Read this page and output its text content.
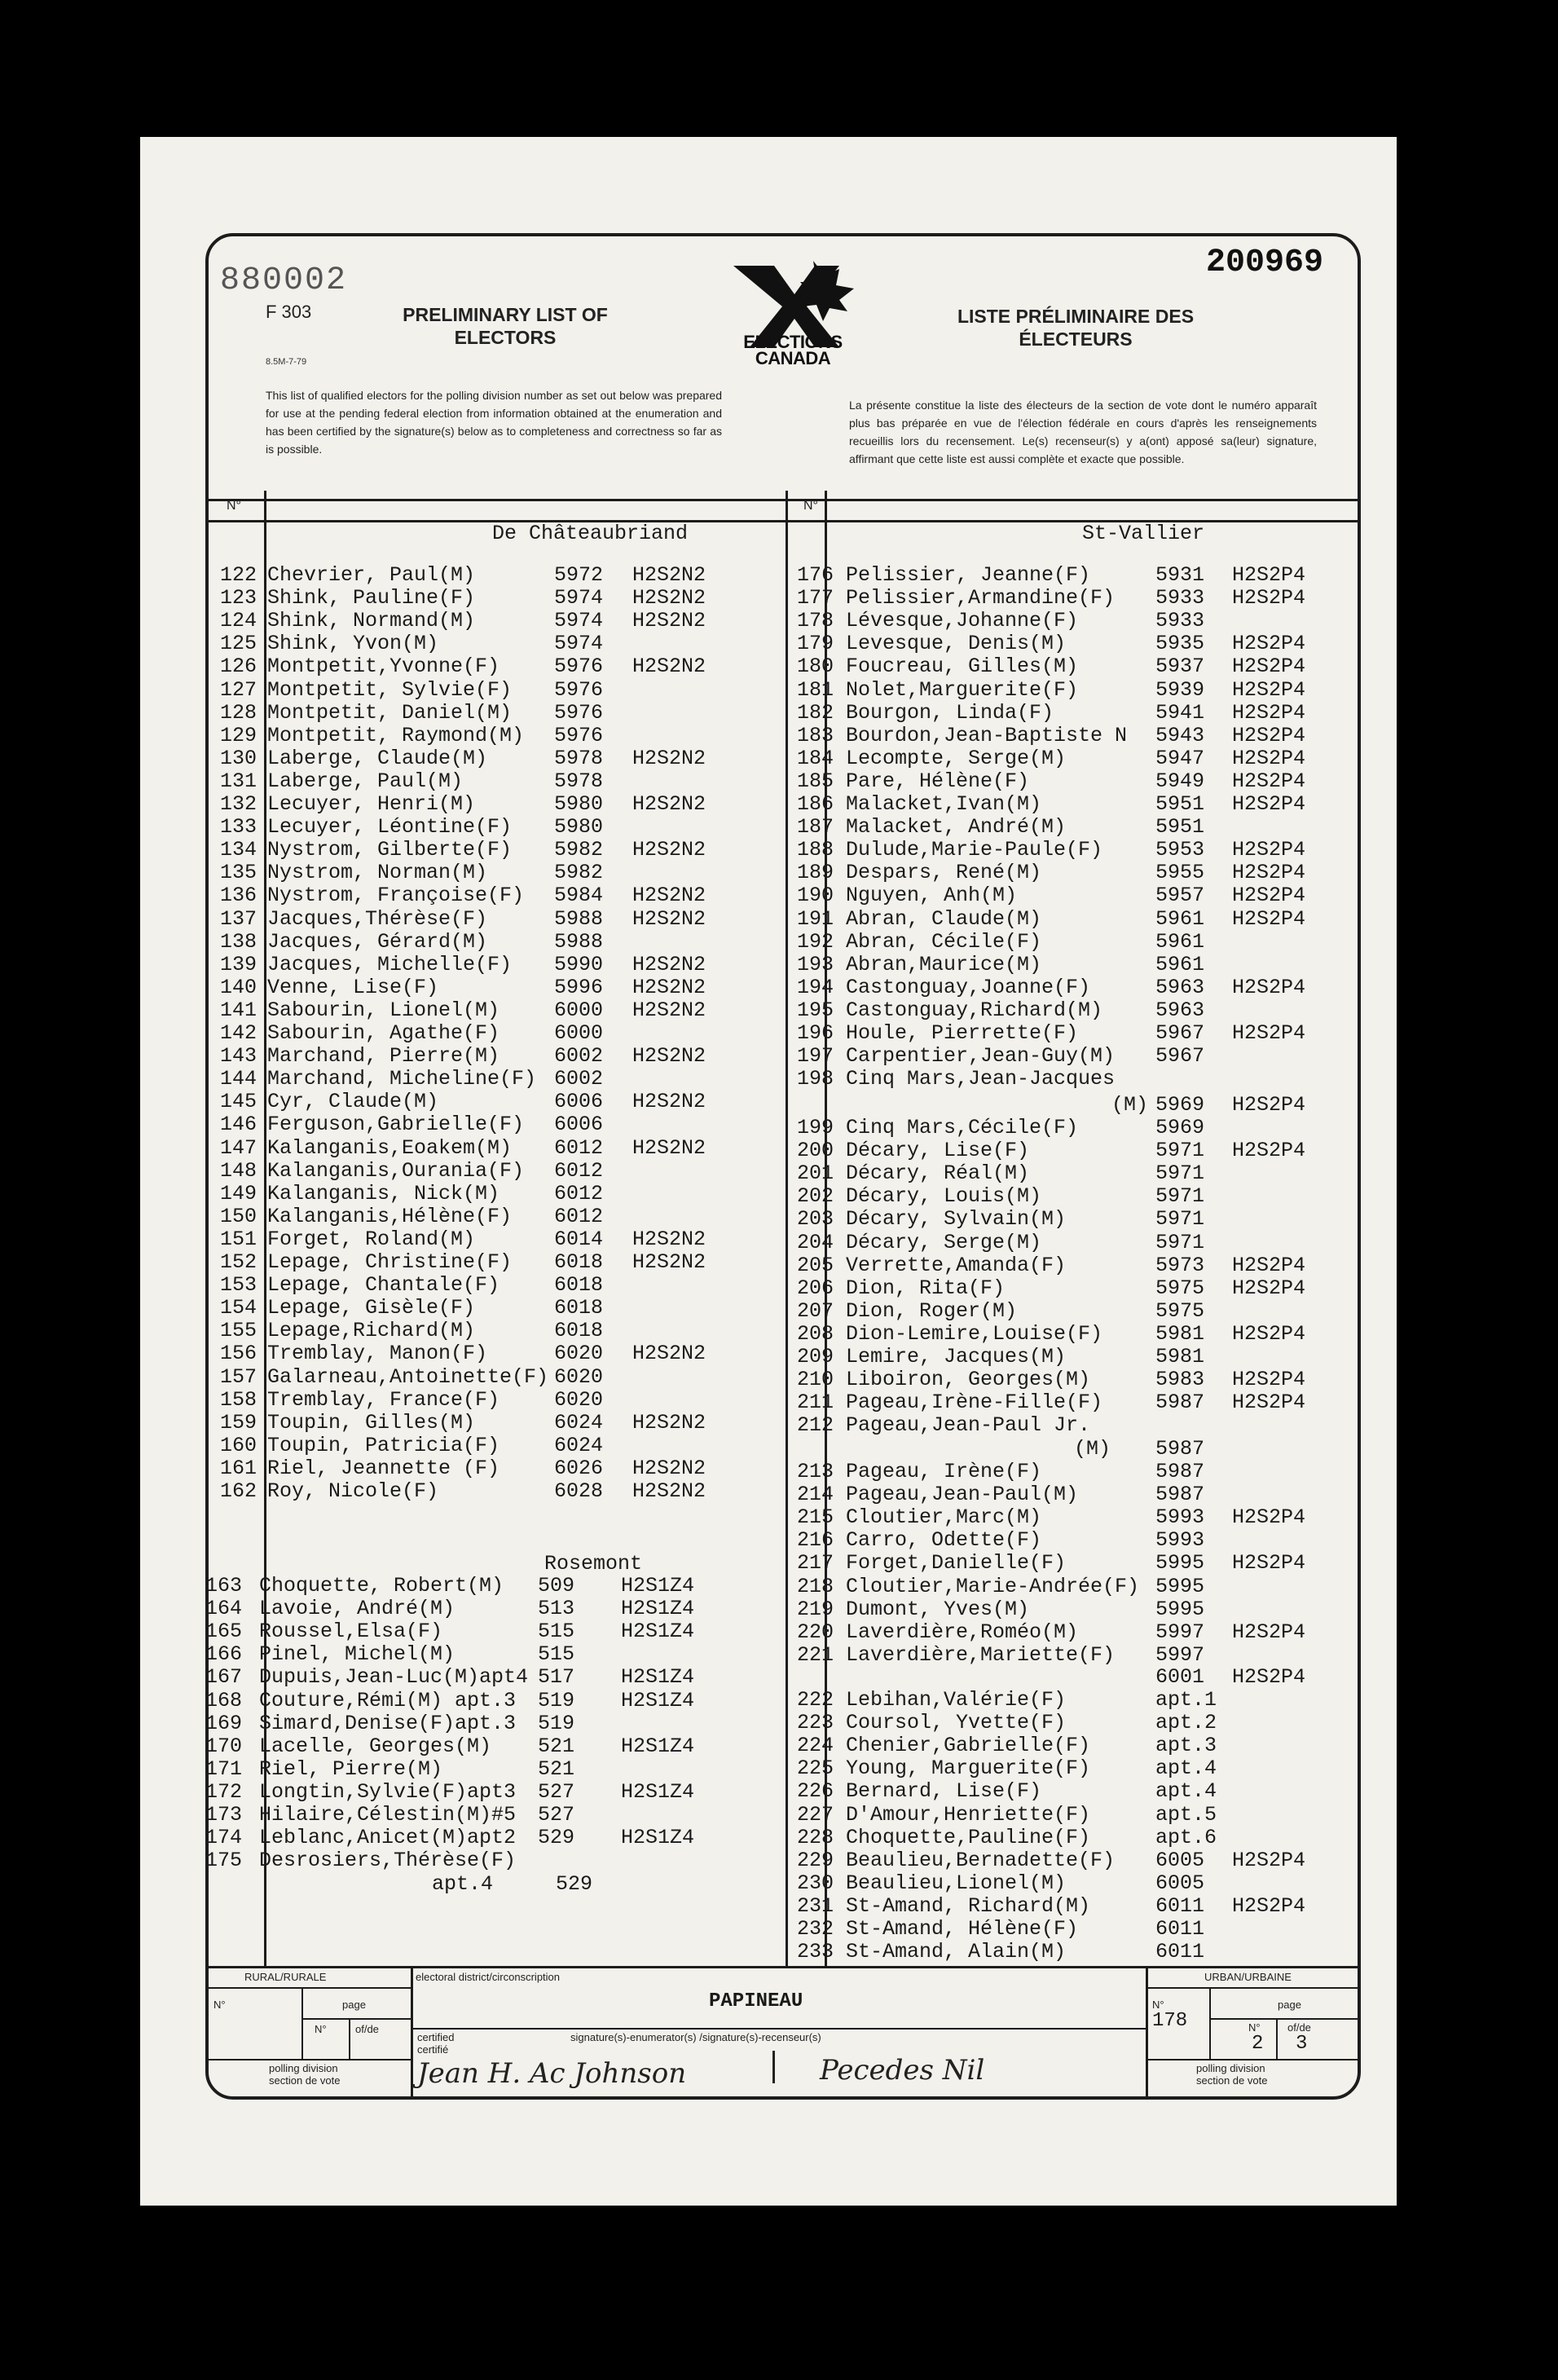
880002
F 303
8.5M-7-79
PRELIMINARY LIST OF
ELECTORS
LISTE PRÉLIMINAIRE DES
ÉLECTEURS
ELECTIONS
CANADA
200969
This list of qualified electors for the polling division number as set out below was prepared for use at the pending federal election from information obtained at the enumeration and has been certified by the signature(s) below as to completeness and correctness so far as is possible.
La présente constitue la liste des électeurs de la section de vote dont le numéro apparaît plus bas préparée en vue de l'élection fédérale en cours d'après les renseignements recueillis lors du recensement. Le(s) recenseur(s) y a(ont) apposé sa(leur) signature, affirmant que cette liste est aussi complète et exacte que possible.
N°	N°
De Châteaubriand	St-Vallier
Rosemont
122 Chevrier, Paul(M)	5972 H2S2N2
123 Shink, Pauline(F)	5974 H2S2N2
124 Shink, Normand(M)	5974 H2S2N2
125 Shink, Yvon(M)	5974
126 Montpetit,Yvonne(F)	5976 H2S2N2
127 Montpetit, Sylvie(F) 5976
128 Montpetit, Daniel(M) 5976
129 Montpetit, Raymond(M) 5976
130 Laberge, Claude(M)	5978 H2S2N2
131 Laberge, Paul(M)	5978
132 Lecuyer, Henri(M)	5980 H2S2N2
133 Lecuyer, Léontine(F) 5980
134 Nystrom, Gilberte(F) 5982 H2S2N2
135 Nystrom, Norman(M)	5982
136 Nystrom, Françoise(F) 5984 H2S2N2
137 Jacques,Thérèse(F)	5988 H2S2N2
138 Jacques, Gérard(M)	5988
139 Jacques, Michelle(F) 5990 H2S2N2
140 Venne, Lise(F)	5996 H2S2N2
141 Sabourin, Lionel(M)	6000 H2S2N2
142 Sabourin, Agathe(F)	6000
143 Marchand, Pierre(M)	6002 H2S2N2
144 Marchand, Micheline(F) 6002
145 Cyr, Claude(M)	6006 H2S2N2
146 Ferguson,Gabrielle(F) 6006
147 Kalanganis,Eoakem(M) 6012 H2S2N2
148 Kalanganis,Ourania(F) 6012
149 Kalanganis, Nick(M)	6012
150 Kalanganis,Hélène(F) 6012
151 Forget, Roland(M)	6014 H2S2N2
152 Lepage, Christine(F) 6018 H2S2N2
153 Lepage, Chantale(F)	6018
154 Lepage, Gisèle(F)	6018
155 Lepage,Richard(M)	6018
156 Tremblay, Manon(F)	6020 H2S2N2
157 Galarneau,Antoinette(F) 6020
158 Tremblay, France(F)	6020
159 Toupin, Gilles(M)	6024 H2S2N2
160 Toupin, Patricia(F)	6024
161 Riel, Jeannette (F)	6026 H2S2N2
162 Roy, Nicole(F)	6028 H2S2N2
163 Choquette, Robert(M) 509 H2S1Z4
164 Lavoie, André(M)	513 H2S1Z4
165 Roussel,Elsa(F)	515 H2S1Z4
166 Pinel, Michel(M)	515
167 Dupuis,Jean-Luc(M)apt4 517 H2S1Z4
168 Couture,Rémi(M) apt.3 519 H2S1Z4
169 Simard,Denise(F)apt.3 519
170 Lacelle, Georges(M) 521 H2S1Z4
171 Riel, Pierre(M)	521
172 Longtin,Sylvie(F)apt3 527 H2S1Z4
173 Hilaire,Célestin(M)#5 527
174 Leblanc,Anicet(M)apt2 529 H2S1Z4
175 Desrosiers,Thérèse(F)
apt.4	529
176 Pelissier, Jeanne(F)	5931 H2S2P4
177 Pelissier,Armandine(F) 5933 H2S2P4
178 Lévesque,Johanne(F)	5933
179 Levesque, Denis(M)	5935 H2S2P4
180 Foucreau, Gilles(M)	5937 H2S2P4
181 Nolet,Marguerite(F)	5939 H2S2P4
182 Bourgon, Linda(F)	5941 H2S2P4
183 Bourdon,Jean-Baptiste N 5943 H2S2P4
184 Lecompte, Serge(M)	5947 H2S2P4
185 Pare, Hélène(F)	5949 H2S2P4
186 Malacket,Ivan(M)	5951 H2S2P4
187 Malacket, André(M)	5951
188 Dulude,Marie-Paule(F)	5953 H2S2P4
189 Despars, René(M)	5955 H2S2P4
190 Nguyen, Anh(M)	5957 H2S2P4
191 Abran, Claude(M)	5961 H2S2P4
192 Abran, Cécile(F)	5961
193 Abran,Maurice(M)	5961
194 Castonguay,Joanne(F)	5963 H2S2P4
195 Castonguay,Richard(M)	5963
196 Houle, Pierrette(F)	5967 H2S2P4
197 Carpentier,Jean-Guy(M) 5967
198 Cinq Mars,Jean-Jacques
(M) 5969 H2S2P4
199 Cinq Mars,Cécile(F)	5969
200 Décary, Lise(F)	5971 H2S2P4
201 Décary, Réal(M)	5971
202 Décary, Louis(M)	5971
203 Décary, Sylvain(M)	5971
204 Décary, Serge(M)	5971
205 Verrette,Amanda(F)	5973 H2S2P4
206 Dion, Rita(F)	5975 H2S2P4
207 Dion, Roger(M)	5975
208 Dion-Lemire,Louise(F)	5981 H2S2P4
209 Lemire, Jacques(M)	5981
210 Liboiron, Georges(M)	5983 H2S2P4
211 Pageau,Irène-Fille(F)	5987 H2S2P4
212 Pageau,Jean-Paul Jr.
(M) 5987
213 Pageau, Irène(F)	5987
214 Pageau,Jean-Paul(M)	5987
215 Cloutier,Marc(M)	5993 H2S2P4
216 Carro, Odette(F)	5993
217 Forget,Danielle(F)	5995 H2S2P4
218 Cloutier,Marie-Andrée(F) 5995
219 Dumont, Yves(M)	5995
220 Laverdière,Roméo(M)	5997 H2S2P4
221 Laverdière,Mariette(F) 5997
6001 H2S2P4
222 Lebihan,Valérie(F)	apt.1
223 Coursol, Yvette(F)	apt.2
224 Chenier,Gabrielle(F)	apt.3
225 Young, Marguerite(F)	apt.4
226 Bernard, Lise(F)	apt.4
227 D'Amour,Henriette(F)	apt.5
228 Choquette,Pauline(F)	apt.6
229 Beaulieu,Bernadette(F) 6005 H2S2P4
230 Beaulieu,Lionel(M)	6005
231 St-Amand, Richard(M)	6011 H2S2P4
232 St-Amand, Hélène(F)	6011
233 St-Amand, Alain(M)	6011
RURAL/RURALE
N°	page
N°	of/de
polling division
section de vote
electoral district/circonscription
PAPINEAU
certified
certifié
signature(s)-enumerator(s) /signature(s)-recenseur(s)
Jean H. Ac Johnson	Pecedes Nil
URBAN/URBAINE
N°
178
page
N°
2
of/de
3
polling division
section de vote
